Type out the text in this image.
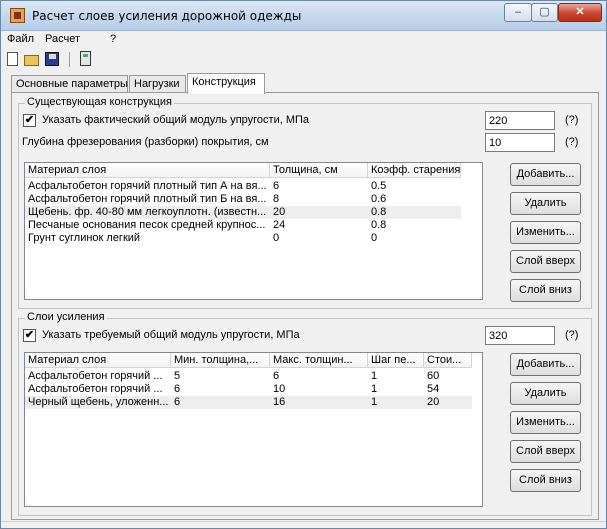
Расчет слоев усиления дорожной одежды	–	▢	✕
Файл Расчет	?
Основные параметры Нагрузки	Конструкция
Существующая конструкция
✔ Указать фактический общий модуль упругости, МПа
220	(?)
Глубина фрезерования (разборки) покрытия, см
10	(?)
Материал слоя	Толщина, см	Коэфф. старения
Асфальтобетон горячий плотный тип А на вя... 6	0.5
Асфальтобетон горячий плотный тип Б на вя... 8	0.6
Щебень. фр. 40-80 мм легкоуплотн. (известн... 20	0.8
Песчаные основания песок средней крупнос... 24	0.8
Грунт суглинок легкий	0	0
Добавить...
Удалить
Изменить...
Слой вверх
Слой вниз
Слои усиления
✔ Указать требуемый общий модуль упругости, МПа
320	(?)
Материал слоя	Мин. толщина,...	Макс. толщин...	Шаг пе...	Стои...
Асфальтобетон горячий ...	5	6	1	60
Асфальтобетон горячий ...	6	10	1	54
Черный щебень, уложенн... 6	16	1	20
Добавить...
Удалить
Изменить...
Слой вверх
Слой вниз
